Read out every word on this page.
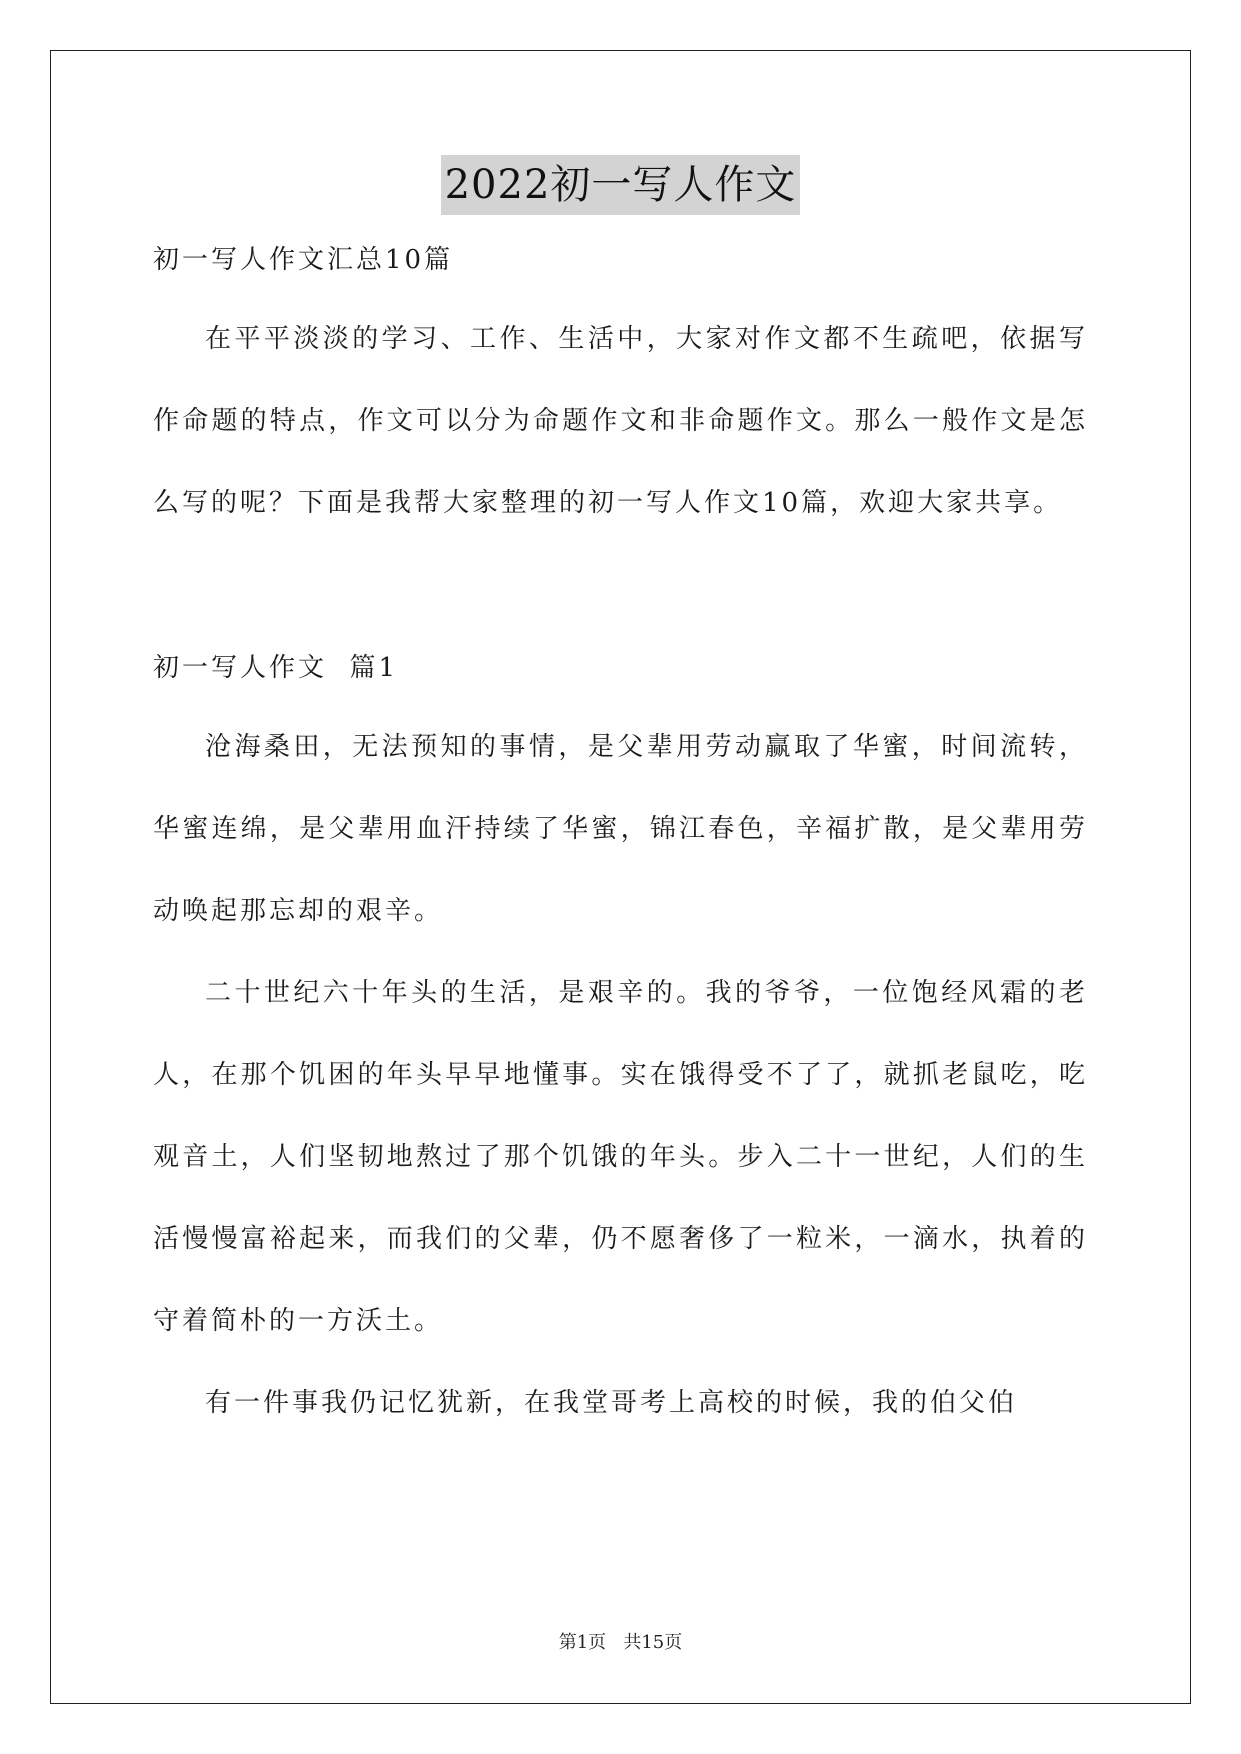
2022初一写人作文

初一写人作文汇总10篇

在平平淡淡的学习、工作、生活中，大家对作文都不生疏吧，依据写作命题的特点，作文可以分为命题作文和非命题作文。那么一般作文是怎么写的呢？下面是我帮大家整理的初一写人作文10篇，欢迎大家共享。

初一写人作文  篇1

沧海桑田，无法预知的事情，是父辈用劳动赢取了华蜜，时间流转，华蜜连绵，是父辈用血汗持续了华蜜，锦江春色，辛福扩散，是父辈用劳动唤起那忘却的艰辛。

二十世纪六十年头的生活，是艰辛的。我的爷爷，一位饱经风霜的老人，在那个饥困的年头早早地懂事。实在饿得受不了了，就抓老鼠吃，吃观音土，人们坚韧地熬过了那个饥饿的年头。步入二十一世纪，人们的生活慢慢富裕起来，而我们的父辈，仍不愿奢侈了一粒米，一滴水，执着的守着简朴的一方沃土。

有一件事我仍记忆犹新，在我堂哥考上高校的时候，我的伯父伯

第1页 共15页
